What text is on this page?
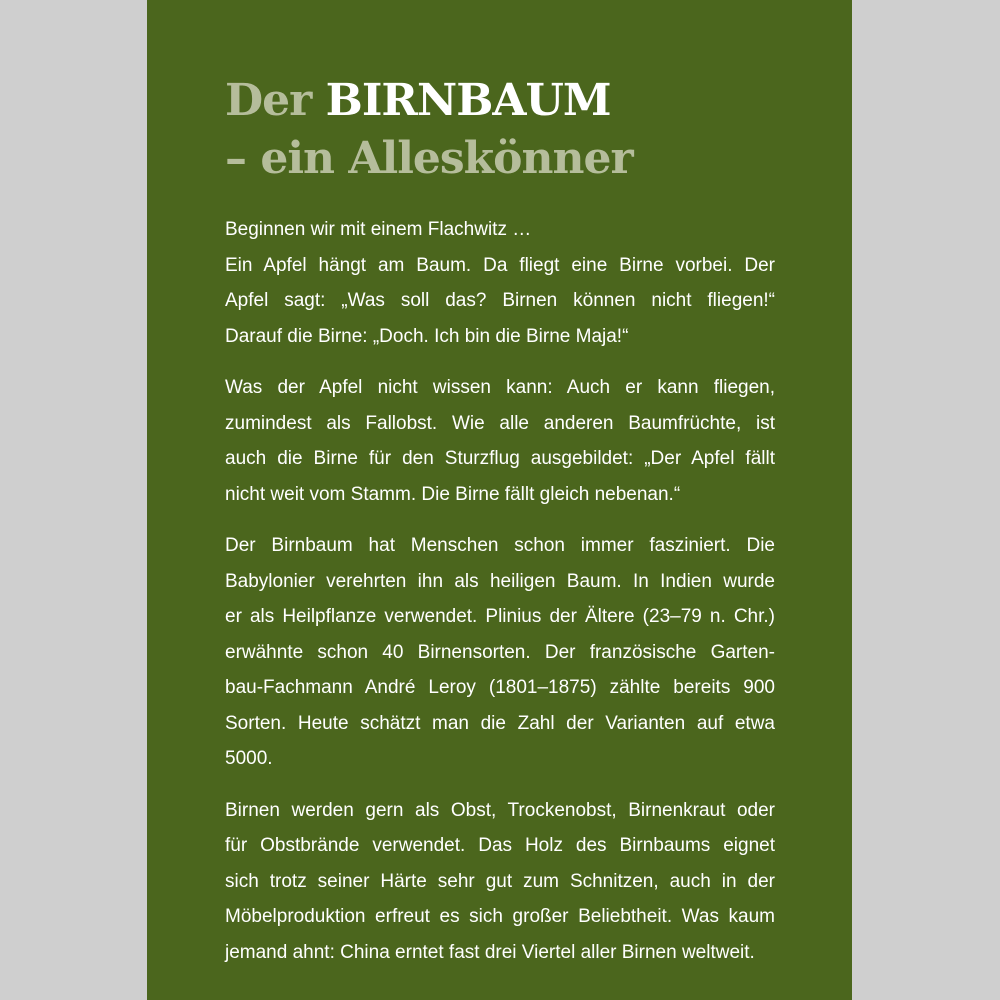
Der BIRNBAUM
– ein Alleskönner

Beginnen wir mit einem Flachwitz …
Ein Apfel hängt am Baum. Da fliegt eine Birne vorbei. Der
Apfel sagt: „Was soll das? Birnen können nicht fliegen!“
Darauf die Birne: „Doch. Ich bin die Birne Maja!“

Was der Apfel nicht wissen kann: Auch er kann fliegen,
zumindest als Fallobst. Wie alle anderen Baumfrüchte, ist
auch die Birne für den Sturzflug ausgebildet: „Der Apfel fällt
nicht weit vom Stamm. Die Birne fällt gleich nebenan.“

Der Birnbaum hat Menschen schon immer fasziniert. Die
Babylonier verehrten ihn als heiligen Baum. In Indien wurde
er als Heilpflanze verwendet. Plinius der Ältere (23–79 n. Chr.)
erwähnte schon 40 Birnensorten. Der französische Garten-
bau-Fachmann André Leroy (1801–1875) zählte bereits 900
Sorten. Heute schätzt man die Zahl der Varianten auf etwa
5000.

Birnen werden gern als Obst, Trockenobst, Birnenkraut oder
für Obstbrände verwendet. Das Holz des Birnbaums eignet
sich trotz seiner Härte sehr gut zum Schnitzen, auch in der
Möbelproduktion erfreut es sich großer Beliebtheit. Was kaum
jemand ahnt: China erntet fast drei Viertel aller Birnen weltweit.
